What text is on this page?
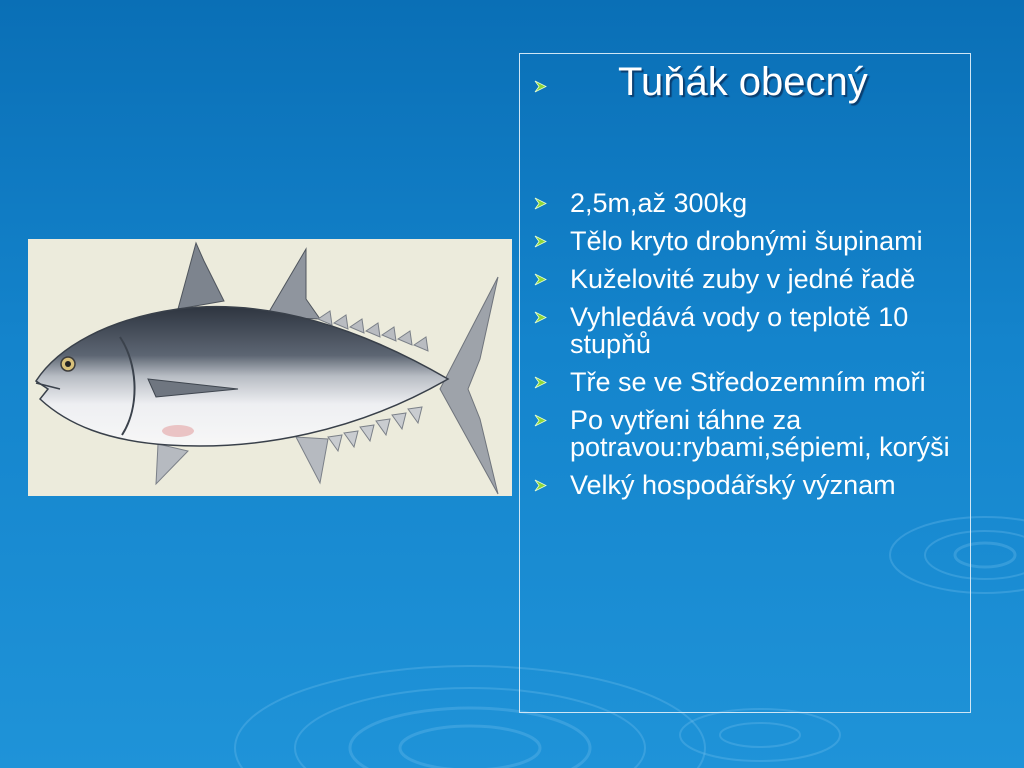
Tuňák obecný
2,5m,až 300kg
Tělo kryto drobnými šupinami
Kuželovité zuby v jedné řadě
Vyhledává vody o teplotě 10 stupňů
Tře se ve Středozemním moři
Po vytřeni táhne za potravou:rybami,sépiemi, korýši
Velký hospodářský význam
